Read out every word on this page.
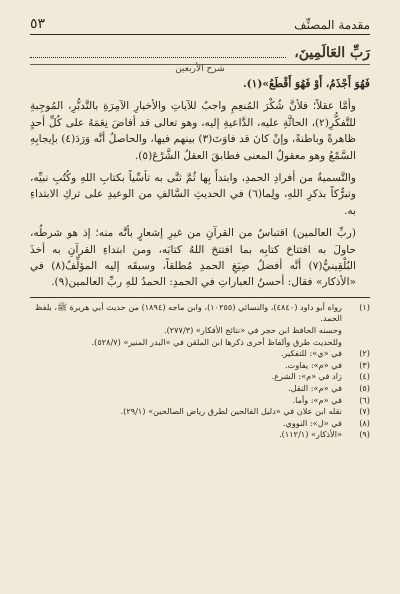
مقدمة المصنِّف
٥٣
رَبِّ العَالَمِينَ،
شرح الأربعين

فَهُوَ أَجْذَمُ، أَوْ فَهُوَ أَقْطَعُ»(١).

وأمَّا عقلاً؛ فلأنَّ شُكْرَ المُنعِمِ واجبٌ للآياتِ والأخبارِ الآمِرَةِ بالتَّدبُّرِ، المُوجِبةِ للتَّفكُّرِ(٢)، الحاثَّةِ عليه، الدَّاعيةِ إليه، وهو تعالى قد أفاضَ نِعَمَهُ على كُلِّ أحدٍ ظاهرةً وباطنةً، وإنْ كانَ قد فاوَتَ(٣) بينهم فيها، والحاصلُ أنَّه وَرَدَ(٤) بإيجابِهِ السَّمْعُ وهو معقولُ المعنى فطابقَ العقلُ الشَّرْعَ(٥).

والتَّسميةُ من أفرادِ الحمدِ، وابتدأَ بِها ثُمَّ ثنَّى به تأسِّياً بكتابِ اللهِ وكُتُبِ نبيِّه، وتبرُّكاً بذكرِ اللهِ، ولِما(٦) في الحديثِ السَّالفِ من الوعيدِ على تركِ الابتداءِ به.

(ربِّ العالمين) اقتباسٌ من القرآنِ من غيرِ إشعارٍ بأنَّه منه؛ إذ هو شرطُه، حاولَ به افتتاحَ كتابِه بما افتتحَ اللهُ كتابَه، ومن ابتداءِ القرآنِ به أخذَ البُلْقِينيُّ(٧) أنَّه أفضلُ صِيَغِ الحمدِ مُطلقاً، وسبقَه إليه المؤلِّفُ(٨) في «الأذكار» فقال: أحسنُ العباراتِ في الحمدِ: الحمدُ للهِ ربِّ العالمين(٩).

(١)
رواه أبو داود (٤٨٤٠)، والنسائي (١٠٢٥٥)، وابن ماجه (١٨٩٤) من حديث أبي هريرة ﷺ، بلفظ الحمد.
وحسنه الحافظ ابن حجر في «نتائج الأفكار» (٢٧٧/٣).
وللحديث طرق وألفاظ أخرى ذكرها ابن الملقن في «البدر المنير» (٥٢٨/٧).
(٢)
في «ي»: للتفكير.
(٣)
في «م»: يفاوت.
(٤)
زاد في «م»: الشرع.
(٥)
في «م»: النقل.
(٦)
في «م»: وأما.
(٧)
نقله ابن علان في «دليل الفالحين لطرق رياض الصالحين» (٢٩/١).
(٨)
في «ل»: النووي.
(٩)
«الأذكار» (١١٢/١).
